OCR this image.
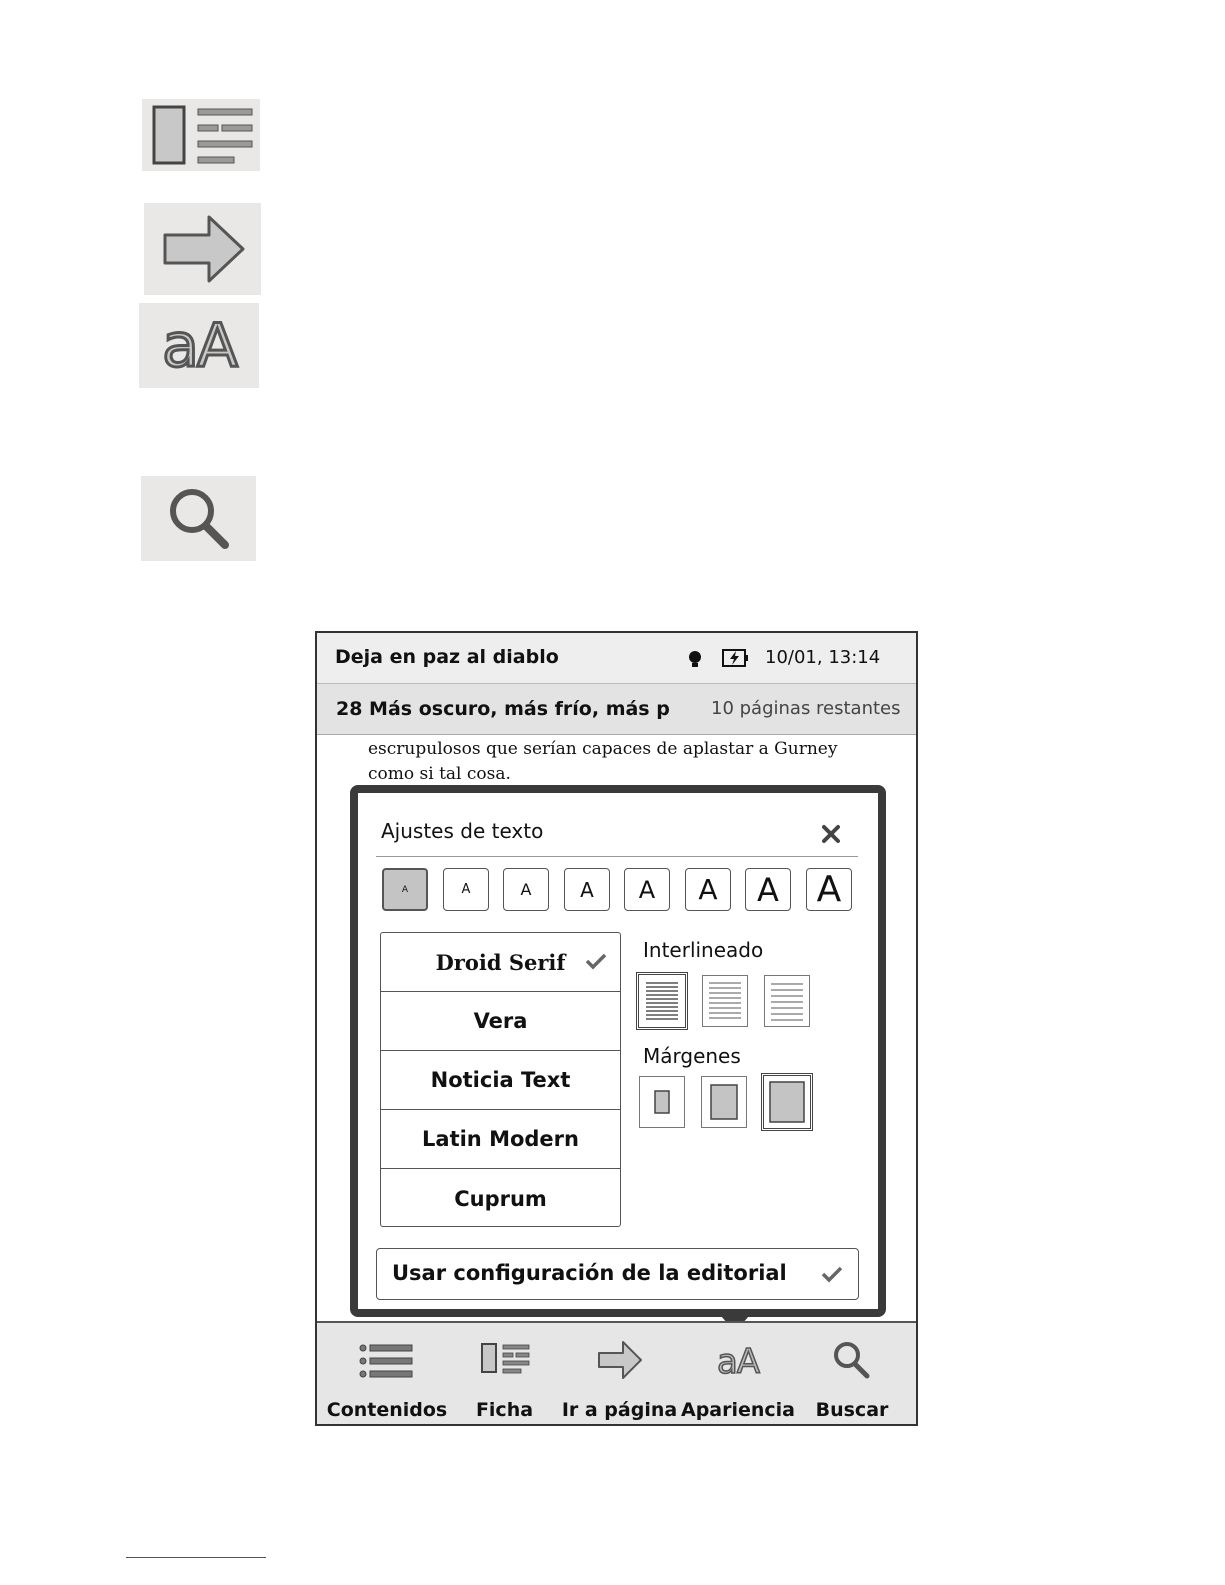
aA
Deja en paz al diablo	10/01, 13:14
28 Más oscuro, más frío, más p	10 páginas restantes
escrupulosos que serían capaces de aplastar a Gurney
como si tal cosa.
Ajustes de texto
A	A	A	A	A	A	A	A
Droid Serif
Vera
Noticia Text
Latin Modern
Cuprum
Interlineado
Márgenes
Usar configuración de la editorial
Contenidos	Ficha	Ir a página
aA
Apariencia	Buscar
